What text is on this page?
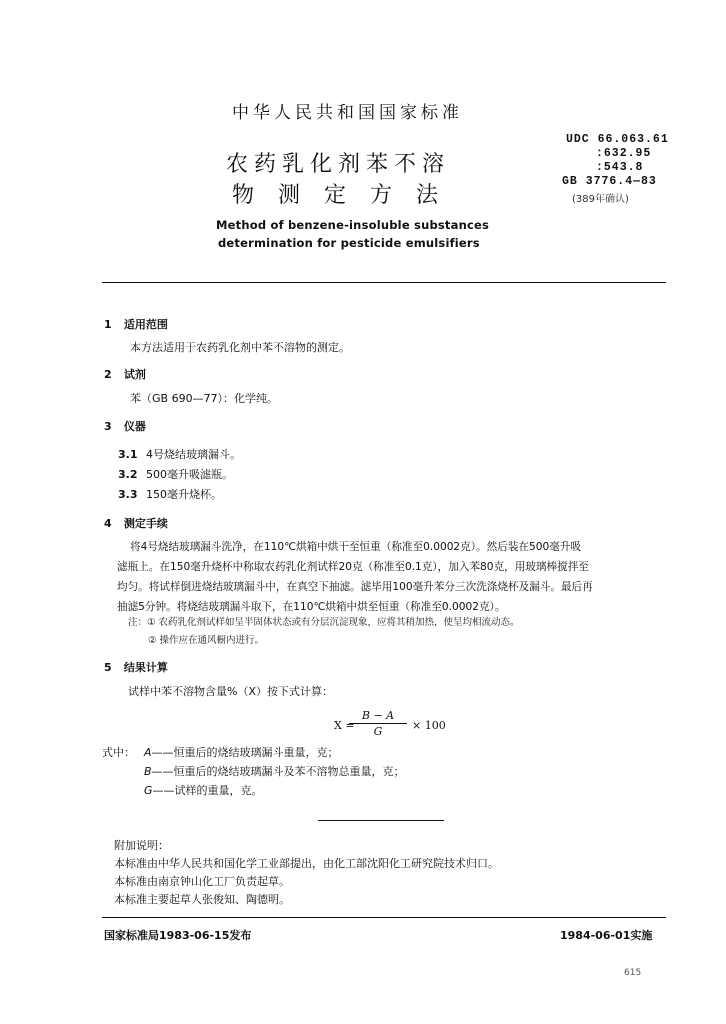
中华人民共和国国家标准
农药乳化剂苯不溶
物测定方法
Method of benzene-insoluble substances
determination for pesticide emulsifiers
UDC 66.063.61
:632.95
:543.8
GB 3776.4—83
(389年确认)
1 适用范围
本方法适用于农药乳化剂中苯不溶物的测定。
2 试剂
苯（GB 690—77）：化学纯。
3 仪器
3.1 4号烧结玻璃漏斗。
3.2 500毫升吸滤瓶。
3.3 150毫升烧杯。
4 测定手续
将4号烧结玻璃漏斗洗净，在110℃烘箱中烘干至恒重（称准至0.0002克）。然后装在500毫升吸
滤瓶上。在150毫升烧杯中称取农药乳化剂试样20克（称准至0.1克），加入苯80克，用玻璃棒搅拌至
均匀。将试样倒进烧结玻璃漏斗中，在真空下抽滤。滤毕用100毫升苯分三次洗涤烧杯及漏斗。最后再
抽滤5分钟。将烧结玻璃漏斗取下，在110℃烘箱中烘至恒重（称准至0.0002克）。
注：① 农药乳化剂试样如呈半固体状态或有分层沉淀现象，应将其稍加热，使呈均相流动态。
② 操作应在通风橱内进行。
5 结果计算
试样中苯不溶物含量%（X）按下式计算：
X =
B − A
G	× 100
式中： A——恒重后的烧结玻璃漏斗重量，克；
B——恒重后的烧结玻璃漏斗及苯不溶物总重量，克；
G——试样的重量，克。
附加说明：
本标准由中华人民共和国化学工业部提出，由化工部沈阳化工研究院技术归口。
本标准由南京钟山化工厂负责起草。
本标准主要起草人张俊知、陶德明。
国家标准局1983-06-15发布	1984-06-01实施
615
